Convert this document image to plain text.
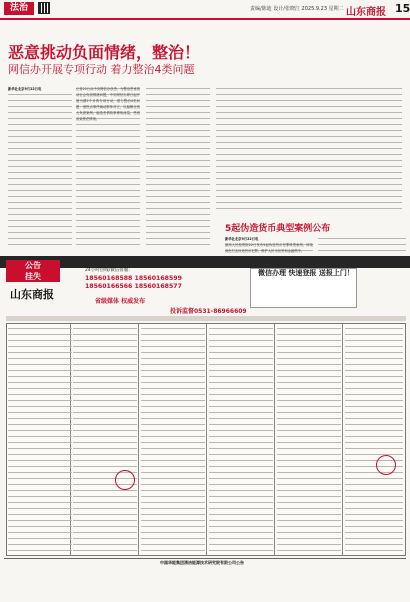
法治	责编/陈迪 设计/张晓江 2025.9.23 星期二 山东商报 15
恶意挑动负面情绪，整治！
网信办开展专项行动 着力整治4类问题
新华社北京9月22日电	记者22日从中央网信办获悉，为整治恶意挑动社会负面情绪问题，中央网信办即日起开展为期2个月的专项行动，着力整治4类问题：借热点事件煽动群体对立，以偏概全放大负面案例，编造悲情故事博取流量，恶意渲染焦虑情绪。
5起伪造货币典型案例公布
新华社北京9月22日电
最高人民检察院22日发布5起伪造货币犯罪典型案例，持续深化打击伪造货币犯罪，维护人民币信誉和金融秩序。
公告
挂失
山东商报
24小时热线/微信客服：
18560168588 18560168599
18560166566 18560168577
省级媒体 权威发布
投诉监督0531-86966609
微信办理 快速登报 送报上门！
中国华能集团清洁能源技术研究院有限公司公告
